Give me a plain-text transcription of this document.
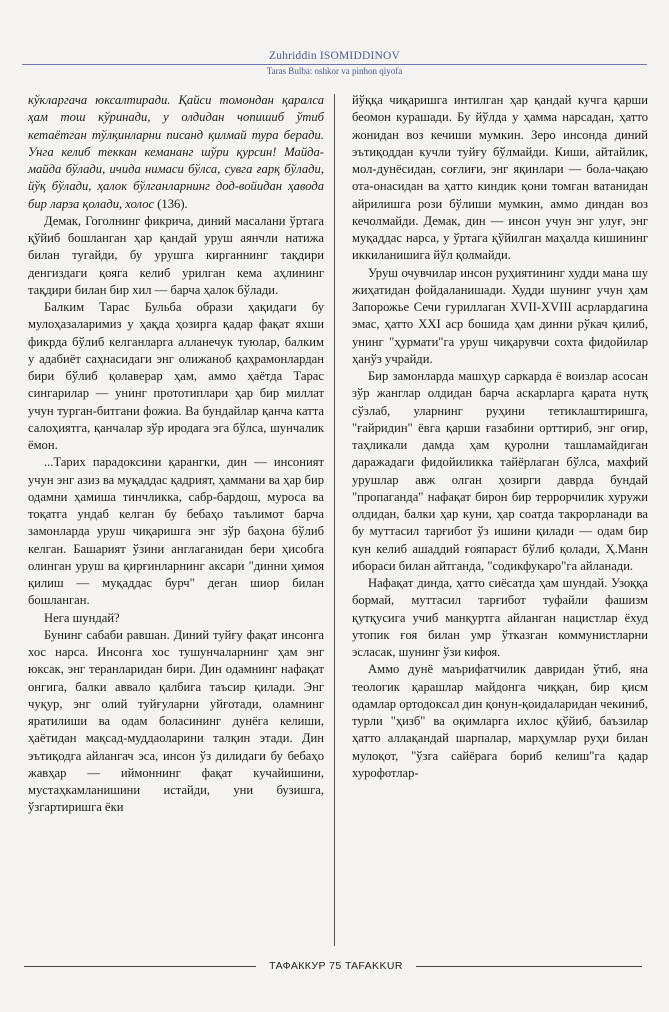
Zuhriddin ISOMIDDINOV
Taras Bulba: oshkor va pinhon qiyofa

кўкларгача юксалтиради. Қайси томондан қаралса ҳам тош кўринади, у олдидан чопишиб ўтиб кетаётган тўлқинларни писанд қилмай тура беради. Унга келиб теккан кемананг шўри қурсин! Майда-майда бўлади, ичида нимаси бўлса, сувга ғарқ бўлади, йўқ бўлади, ҳалок бўлганларнинг дод-войидан ҳавода бир ларза қолади, холос (136).

Демак, Гоголнинг фикрича, диний масалани ўртага қўйиб бошланган ҳар қандай уруш аянчли натижа билан тугайди, бу урушга кирганнинг тақдири денгиздаги қояга келиб урилган кема аҳлининг тақдири билан бир хил — барча ҳалок бўлади.

Балким Тарас Бульба образи ҳақидаги бу мулоҳазаларимиз у ҳақда ҳозирга қадар фақат яхши фикрда бўлиб келганларга алланечук туюлар, балким у адабиёт саҳнасидаги энг олижаноб қаҳрамонлардан бири бўлиб қолаверар ҳам, аммо ҳаётда Тарас сингарилар — унинг прототиплари ҳар бир миллат учун турган-битгани фожиа. Ва бундайлар қанча катта салоҳиятга, қанчалар зўр иродага эга бўлса, шунчалик ёмон.

...Тарих парадоксини қарангки, дин — инсоният учун энг азиз ва муқаддас қадрият, ҳаммани ва ҳар бир одамни ҳамиша тинчликка, сабр-бардош, муроса ва тоқатга ундаб келган бу бебаҳо таълимот барча замонларда уруш чиқаришга энг зўр баҳона бўлиб келган. Башарият ўзини англаганидан бери ҳисобга олинган уруш ва қирғинларнинг аксари "динни ҳимоя қилиш — муқаддас бурч" деган шиор билан бошланган.

Нега шундай?

Бунинг сабаби равшан. Диний туйғу фақат инсонга хос нарса. Инсонга хос тушунчаларнинг ҳам энг юксак, энг теранларидан бири. Дин одамнинг нафақат онгига, балки аввало қалбига таъсир қилади. Энг чуқур, энг олий туйғуларни уйғотади, оламнинг яратилиши ва одам боласининг дунёга келиши, ҳаётидан мақсад-муддаоларини талқин этади. Дин эътиқодга айлангач эса, инсон ўз дилидаги бу бебаҳо жавҳар — иймоннинг фақат кучайишини, мустаҳкамланишини истайди, уни бузишга, ўзгартиришга ёки

йўққа чиқаришга интилган ҳар қандай кучга қарши беомон курашади. Бу йўлда у ҳамма нарсадан, ҳатто жонидан воз кечиши мумкин. Зеро инсонда диний эътиқоддан кучли туйғу бўлмайди. Киши, айтайлик, мол-дунёсидан, соғлиғи, энг яқинлари — бола-чақаю ота-онасидан ва ҳатто киндик қони томган ватанидан айрилишга рози бўлиши мумкин, аммо диндан воз кечолмайди. Демак, дин — инсон учун энг улуғ, энг муқаддас нарса, у ўртага қўйилган маҳалда кишининг иккиланишига йўл қолмайди.

Уруш очувчилар инсон руҳиятининг худди мана шу жиҳатидан фойдаланишади. Худди шунинг учун ҳам Запорожье Сечи гуриллаган XVII-XVIII асрлардагина эмас, ҳатто XXI аср бошида ҳам динни рўкач қилиб, унинг "ҳурмати"га уруш чиқарувчи сохта фидойилар ҳанўз учрайди.

Бир замонларда машҳур саркарда ё воизлар асосан зўр жанглар олдидан барча аскарларга қарата нутқ сўзлаб, уларнинг руҳини тетиклаштиришга, "ғайридин" ёвга қарши ғазабини орттириб, энг оғир, таҳликали дамда ҳам қуролни ташламайдиган даражадаги фидойиликка тайёрлаган бўлса, махфий урушлар авж олган ҳозирги даврда бундай "пропаганда" нафақат бирон бир террорчилик хуружи олдидан, балки ҳар куни, ҳар соатда такрорланади ва бу муттасил тарғибот ўз ишини қилади — одам бир кун келиб ашаддий ғояпараст бўлиб қолади, Ҳ.Манн ибораси билан айтганда, "содикфукаро"га айланади.

Нафақат динда, ҳатто сиёсатда ҳам шундай. Узоққа бормай, муттасил тарғибот туфайли фашизм қутқусига учиб манқуртга айланган нацистлар ёхуд утопик ғоя билан умр ўтказган коммунистларни эсласак, шунинг ўзи кифоя.

Аммо дунё маърифатчилик давридан ўтиб, яна теологик қарашлар майдонга чиққан, бир қисм одамлар ортодоксал дин қонун-қоидаларидан чекиниб, турли "ҳизб" ва оқимларга ихлос қўйиб, баъзилар ҳатто аллақандай шарпалар, марҳумлар руҳи билан мулоқот, "ўзга сайёрага бориб келиш"га қадар хурофотлар-

ТАФАККУР 75 TAFAKKUR
